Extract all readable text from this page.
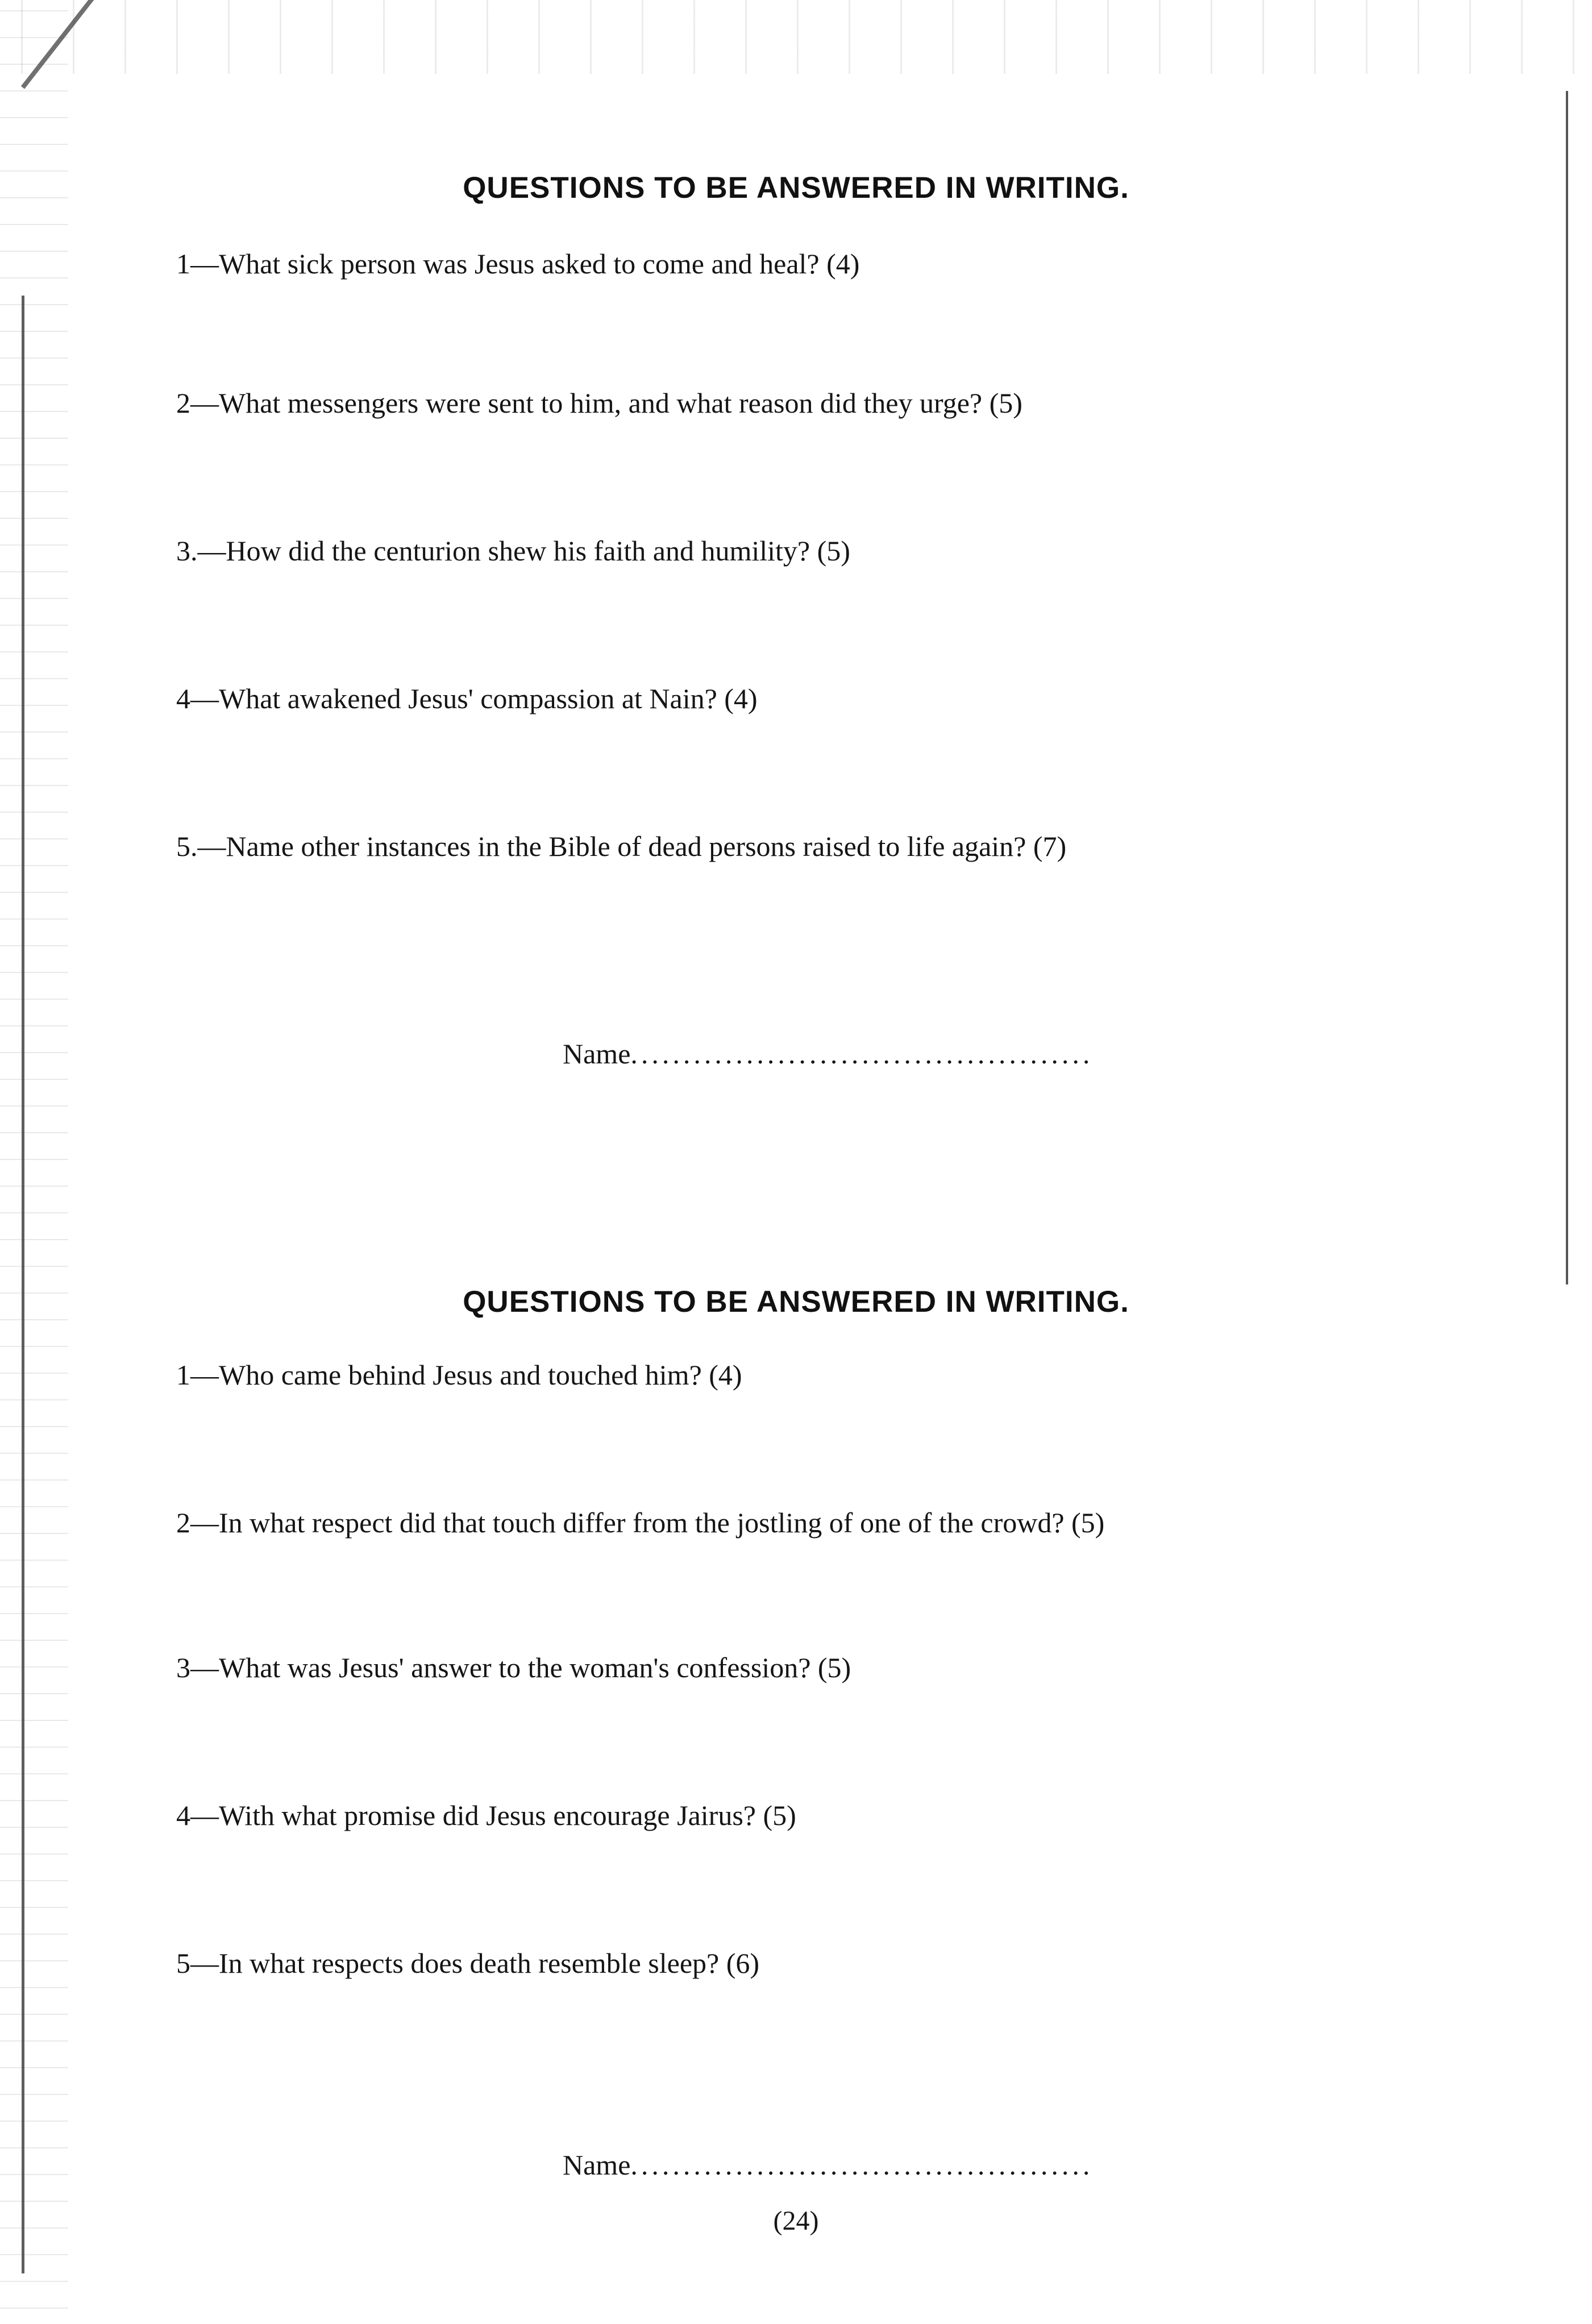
QUESTIONS TO BE ANSWERED IN WRITING.
1—What sick person was Jesus asked to come and heal? (4)
2—What messengers were sent to him, and what reason did they urge? (5)
3.—How did the centurion shew his faith and humility? (5)
4—What awakened Jesus' compassion at Nain? (4)
5.—Name other instances in the Bible of dead persons raised to life again? (7)
Name............................................
QUESTIONS TO BE ANSWERED IN WRITING.
1—Who came behind Jesus and touched him? (4)
2—In what respect did that touch differ from the jostling of one of the crowd? (5)
3—What was Jesus' answer to the woman's confession? (5)
4—With what promise did Jesus encourage Jairus? (5)
5—In what respects does death resemble sleep? (6)
Name............................................
(24)
